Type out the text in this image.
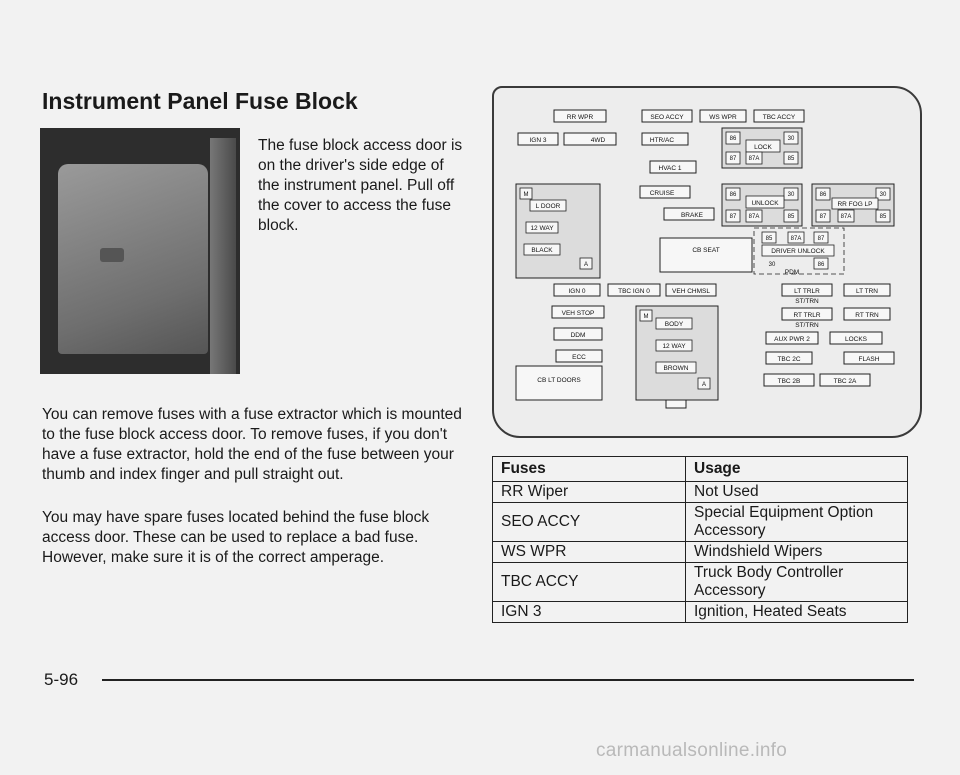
Instrument Panel Fuse Block

The fuse block access door is on the driver's side edge of the instrument panel. Pull off the cover to access the fuse block.

You can remove fuses with a fuse extractor which is mounted to the fuse block access door. To remove fuses, if you don't have a fuse extractor, hold the end of the fuse between your thumb and index finger and pull straight out.

You may have spare fuses located behind the fuse block access door. These can be used to replace a bad fuse. However, make sure it is of the correct amperage.

RR WPR	SEO ACCY	WS WPR	TBC ACCY
IGN 3	4WD	HTR/AC
HVAC 1
CRUISE
BRAKE
86	30
LOCK
87 87A	85
86	30
UNLOCK
87 87A	85
86	30
RR FOG LP
87 87A	85
M
L DOOR
12 WAY
BLACK
A
CB SEAT
85	87A	87
DRIVER UNLOCK
30	86
PDM
IGN 0	TBC IGN 0	VEH CHMSL
VEH STOP
DDM
ECC
CB LT DOORS
M
BODY
12 WAY
BROWN
A
LT TRLR
ST/TRN
LT TRN
RT TRLR
ST/TRN
RT TRN
AUX PWR 2	LOCKS
TBC 2C	FLASH
TBC 2B	TBC 2A
Fuses	Usage
RR Wiper	Not Used
SEO ACCY	Special Equipment Option Accessory
WS WPR	Windshield Wipers
TBC ACCY	Truck Body Controller Accessory
IGN 3	Ignition, Heated Seats
5-96
carmanualsonline.info
